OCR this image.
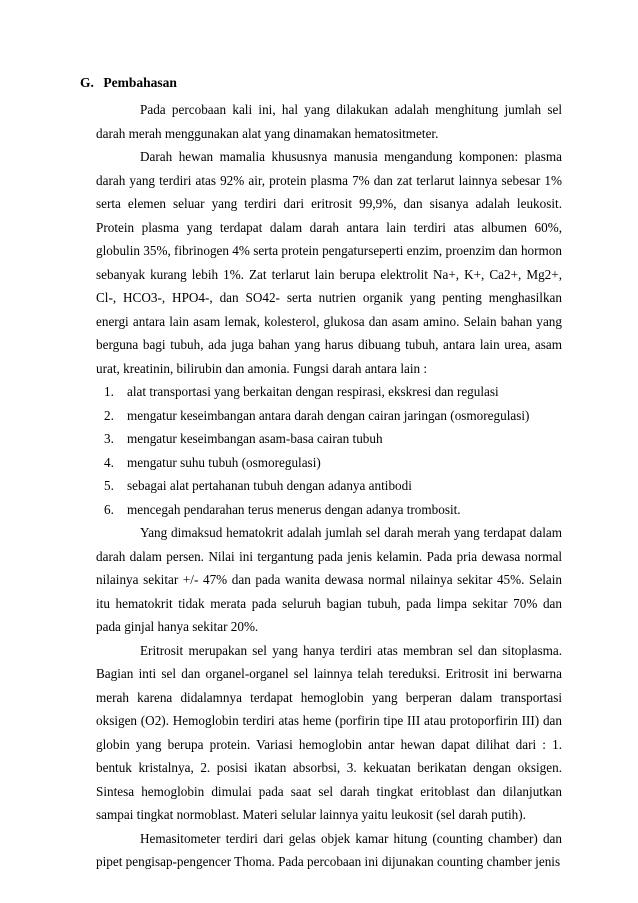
G. Pembahasan

Pada percobaan kali ini, hal yang dilakukan adalah menghitung jumlah sel darah merah menggunakan alat yang dinamakan hematositmeter.

Darah hewan mamalia khususnya manusia mengandung komponen: plasma darah yang terdiri atas 92% air, protein plasma 7% dan zat terlarut lainnya sebesar 1% serta elemen seluar yang terdiri dari eritrosit 99,9%, dan sisanya adalah leukosit. Protein plasma yang terdapat dalam darah antara lain terdiri atas albumen 60%, globulin 35%, fibrinogen 4% serta protein pengaturseperti enzim, proenzim dan hormon sebanyak kurang lebih 1%. Zat terlarut lain berupa elektrolit Na+, K+, Ca2+, Mg2+, Cl-, HCO3-, HPO4-, dan SO42- serta nutrien organik yang penting menghasilkan energi antara lain asam lemak, kolesterol, glukosa dan asam amino. Selain bahan yang berguna bagi tubuh, ada juga bahan yang harus dibuang tubuh, antara lain urea, asam urat, kreatinin, bilirubin dan amonia. Fungsi darah antara lain :

1. alat transportasi yang berkaitan dengan respirasi, ekskresi dan regulasi
2. mengatur keseimbangan antara darah dengan cairan jaringan (osmoregulasi)
3. mengatur keseimbangan asam-basa cairan tubuh
4. mengatur suhu tubuh (osmoregulasi)
5. sebagai alat pertahanan tubuh dengan adanya antibodi
6. mencegah pendarahan terus menerus dengan adanya trombosit.

Yang dimaksud hematokrit adalah jumlah sel darah merah yang terdapat dalam darah dalam persen. Nilai ini tergantung pada jenis kelamin. Pada pria dewasa normal nilainya sekitar +/- 47% dan pada wanita dewasa normal nilainya sekitar 45%. Selain itu hematokrit tidak merata pada seluruh bagian tubuh, pada limpa sekitar 70% dan pada ginjal hanya sekitar 20%.

Eritrosit merupakan sel yang hanya terdiri atas membran sel dan sitoplasma. Bagian inti sel dan organel-organel sel lainnya telah tereduksi. Eritrosit ini berwarna merah karena didalamnya terdapat hemoglobin yang berperan dalam transportasi oksigen (O2). Hemoglobin terdiri atas heme (porfirin tipe III atau protoporfirin III) dan globin yang berupa protein. Variasi hemoglobin antar hewan dapat dilihat dari : 1. bentuk kristalnya, 2. posisi ikatan absorbsi, 3. kekuatan berikatan dengan oksigen. Sintesa hemoglobin dimulai pada saat sel darah tingkat eritoblast dan dilanjutkan sampai tingkat normoblast. Materi selular lainnya yaitu leukosit (sel darah putih).

Hemasitometer terdiri dari gelas objek kamar hitung (counting chamber) dan pipet pengisap-pengencer Thoma. Pada percobaan ini dijunakan counting chamber jenis
